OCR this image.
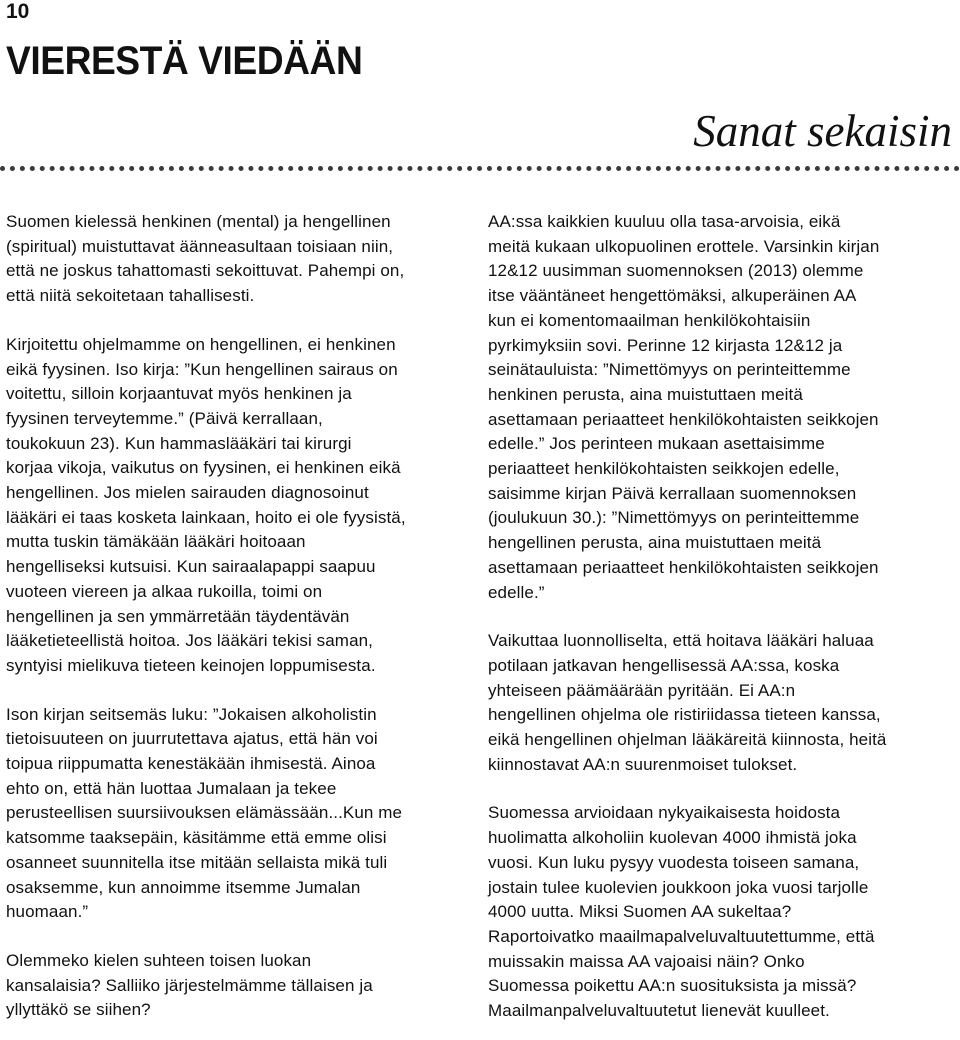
10
VIERESTÄ VIEDÄÄN
Sanat sekaisin

Suomen kielessä henkinen (mental) ja hengellinen
(spiritual) muistuttavat äänneasultaan toisiaan niin,
että ne joskus tahattomasti sekoittuvat. Pahempi on,
että niitä sekoitetaan tahallisesti.

Kirjoitettu ohjelmamme on hengellinen, ei henkinen
eikä fyysinen. Iso kirja: ”Kun hengellinen sairaus on
voitettu, silloin korjaantuvat myös henkinen ja
fyysinen terveytemme.” (Päivä kerrallaan,
toukokuun 23). Kun hammaslääkäri tai kirurgi
korjaa vikoja, vaikutus on fyysinen, ei henkinen eikä
hengellinen. Jos mielen sairauden diagnosoinut
lääkäri ei taas kosketa lainkaan, hoito ei ole fyysistä,
mutta tuskin tämäkään lääkäri hoitoaan
hengelliseksi kutsuisi. Kun sairaalapappi saapuu
vuoteen viereen ja alkaa rukoilla, toimi on
hengellinen ja sen ymmärretään täydentävän
lääketieteellistä hoitoa. Jos lääkäri tekisi saman,
syntyisi mielikuva tieteen keinojen loppumisesta.

Ison kirjan seitsemäs luku: ”Jokaisen alkoholistin
tietoisuuteen on juurrutettava ajatus, että hän voi
toipua riippumatta kenestäkään ihmisestä. Ainoa
ehto on, että hän luottaa Jumalaan ja tekee
perusteellisen suursiivouksen elämässään...Kun me
katsomme taaksepäin, käsitämme että emme olisi
osanneet suunnitella itse mitään sellaista mikä tuli
osaksemme, kun annoimme itsemme Jumalan
huomaan.”

Olemmeko kielen suhteen toisen luokan
kansalaisia? Salliiko järjestelmämme tällaisen ja
yllyttäkö se siihen?

AA:ssa kaikkien kuuluu olla tasa-arvoisia, eikä
meitä kukaan ulkopuolinen erottele. Varsinkin kirjan
12&12 uusimman suomennoksen (2013) olemme
itse vääntäneet hengettömäksi, alkuperäinen AA
kun ei komentomaailman henkilökohtaisiin
pyrkimyksiin sovi. Perinne 12 kirjasta 12&12 ja
seinätauluista: ”Nimettömyys on perinteittemme
henkinen perusta, aina muistuttaen meitä
asettamaan periaatteet henkilökohtaisten seikkojen
edelle.” Jos perinteen mukaan asettaisimme
periaatteet henkilökohtaisten seikkojen edelle,
saisimme kirjan Päivä kerrallaan suomennoksen
(joulukuun 30.): ”Nimettömyys on perinteittemme
hengellinen perusta, aina muistuttaen meitä
asettamaan periaatteet henkilökohtaisten seikkojen
edelle.”

Vaikuttaa luonnolliselta, että hoitava lääkäri haluaa
potilaan jatkavan hengellisessä AA:ssa, koska
yhteiseen päämäärään pyritään. Ei AA:n
hengellinen ohjelma ole ristiriidassa tieteen kanssa,
eikä hengellinen ohjelman lääkäreitä kiinnosta, heitä
kiinnostavat AA:n suurenmoiset tulokset.

Suomessa arvioidaan nykyaikaisesta hoidosta
huolimatta alkoholiin kuolevan 4000 ihmistä joka
vuosi. Kun luku pysyy vuodesta toiseen samana,
jostain tulee kuolevien joukkoon joka vuosi tarjolle
4000 uutta. Miksi Suomen AA sukeltaa?
Raportoivatko maailmapalveluvaltuutettumme, että
muissakin maissa AA vajoaisi näin? Onko
Suomessa poikettu AA:n suosituksista ja missä?
Maailmanpalveluvaltuutetut lienevät kuulleet.
